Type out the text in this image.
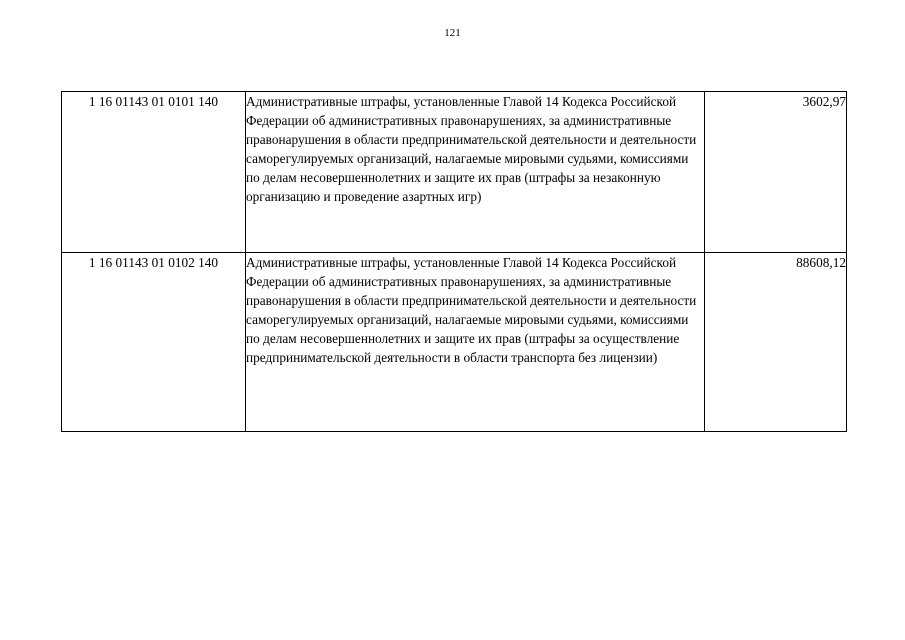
121
1 16 01143 01 0101 140	Административные штрафы, установленные Главой 14 Кодекса Российской Федерации об административных правонарушениях, за административные правонарушения в области предпринимательской деятельности и деятельности саморегулируемых организаций, налагаемые мировыми судьями, комиссиями по делам несовершеннолетних и защите их прав (штрафы за незаконную организацию и проведение азартных игр)	3602,97
1 16 01143 01 0102 140	Административные штрафы, установленные Главой 14 Кодекса Российской Федерации об административных правонарушениях, за административные правонарушения в области предпринимательской деятельности и деятельности саморегулируемых организаций, налагаемые мировыми судьями, комиссиями по делам несовершеннолетних и защите их прав (штрафы за осуществление предпринимательской деятельности в области транспорта без лицензии)	88608,12
